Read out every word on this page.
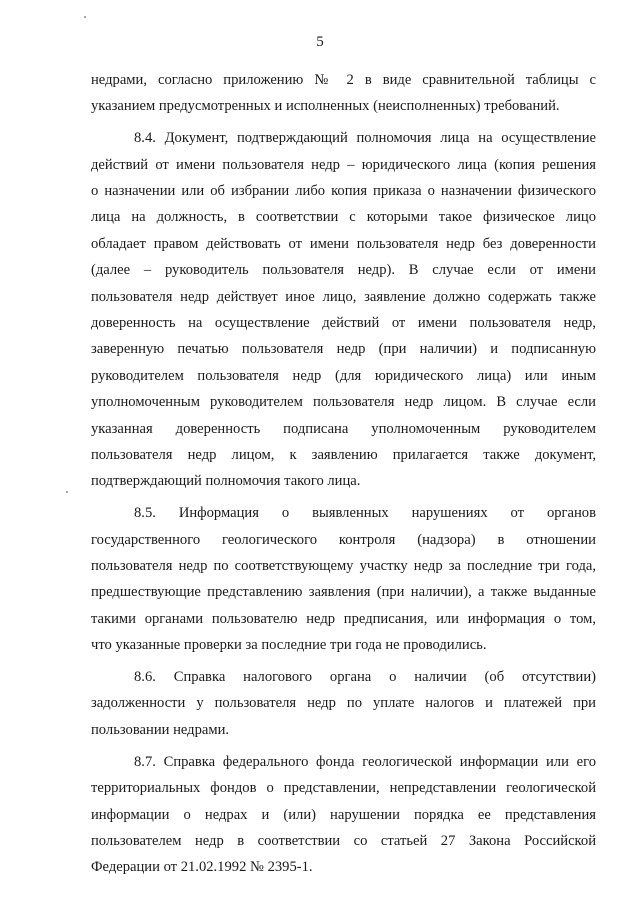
5
недрами, согласно приложению № 2 в виде сравнительной таблицы с
указанием предусмотренных и исполненных (неисполненных) требований.
8.4. Документ, подтверждающий полномочия лица на осуществление
действий от имени пользователя недр – юридического лица (копия решения
о назначении или об избрании либо копия приказа о назначении физического
лица на должность, в соответствии с которыми такое физическое лицо
обладает правом действовать от имени пользователя недр без доверенности
(далее – руководитель пользователя недр). В случае если от имени
пользователя недр действует иное лицо, заявление должно содержать также
доверенность на осуществление действий от имени пользователя недр,
заверенную печатью пользователя недр (при наличии) и подписанную
руководителем пользователя недр (для юридического лица) или иным
уполномоченным руководителем пользователя недр лицом. В случае если
указанная доверенность подписана уполномоченным руководителем
пользователя недр лицом, к заявлению прилагается также документ,
подтверждающий полномочия такого лица.
8.5. Информация о выявленных нарушениях от органов
государственного геологического контроля (надзора) в отношении
пользователя недр по соответствующему участку недр за последние три года,
предшествующие представлению заявления (при наличии), а также выданные
такими органами пользователю недр предписания, или информация о том,
что указанные проверки за последние три года не проводились.
8.6. Справка налогового органа о наличии (об отсутствии)
задолженности у пользователя недр по уплате налогов и платежей при
пользовании недрами.
8.7. Справка федерального фонда геологической информации или его
территориальных фондов о представлении, непредставлении геологической
информации о недрах и (или) нарушении порядка ее представления
пользователем недр в соответствии со статьей 27 Закона Российской
Федерации от 21.02.1992 № 2395-1.
